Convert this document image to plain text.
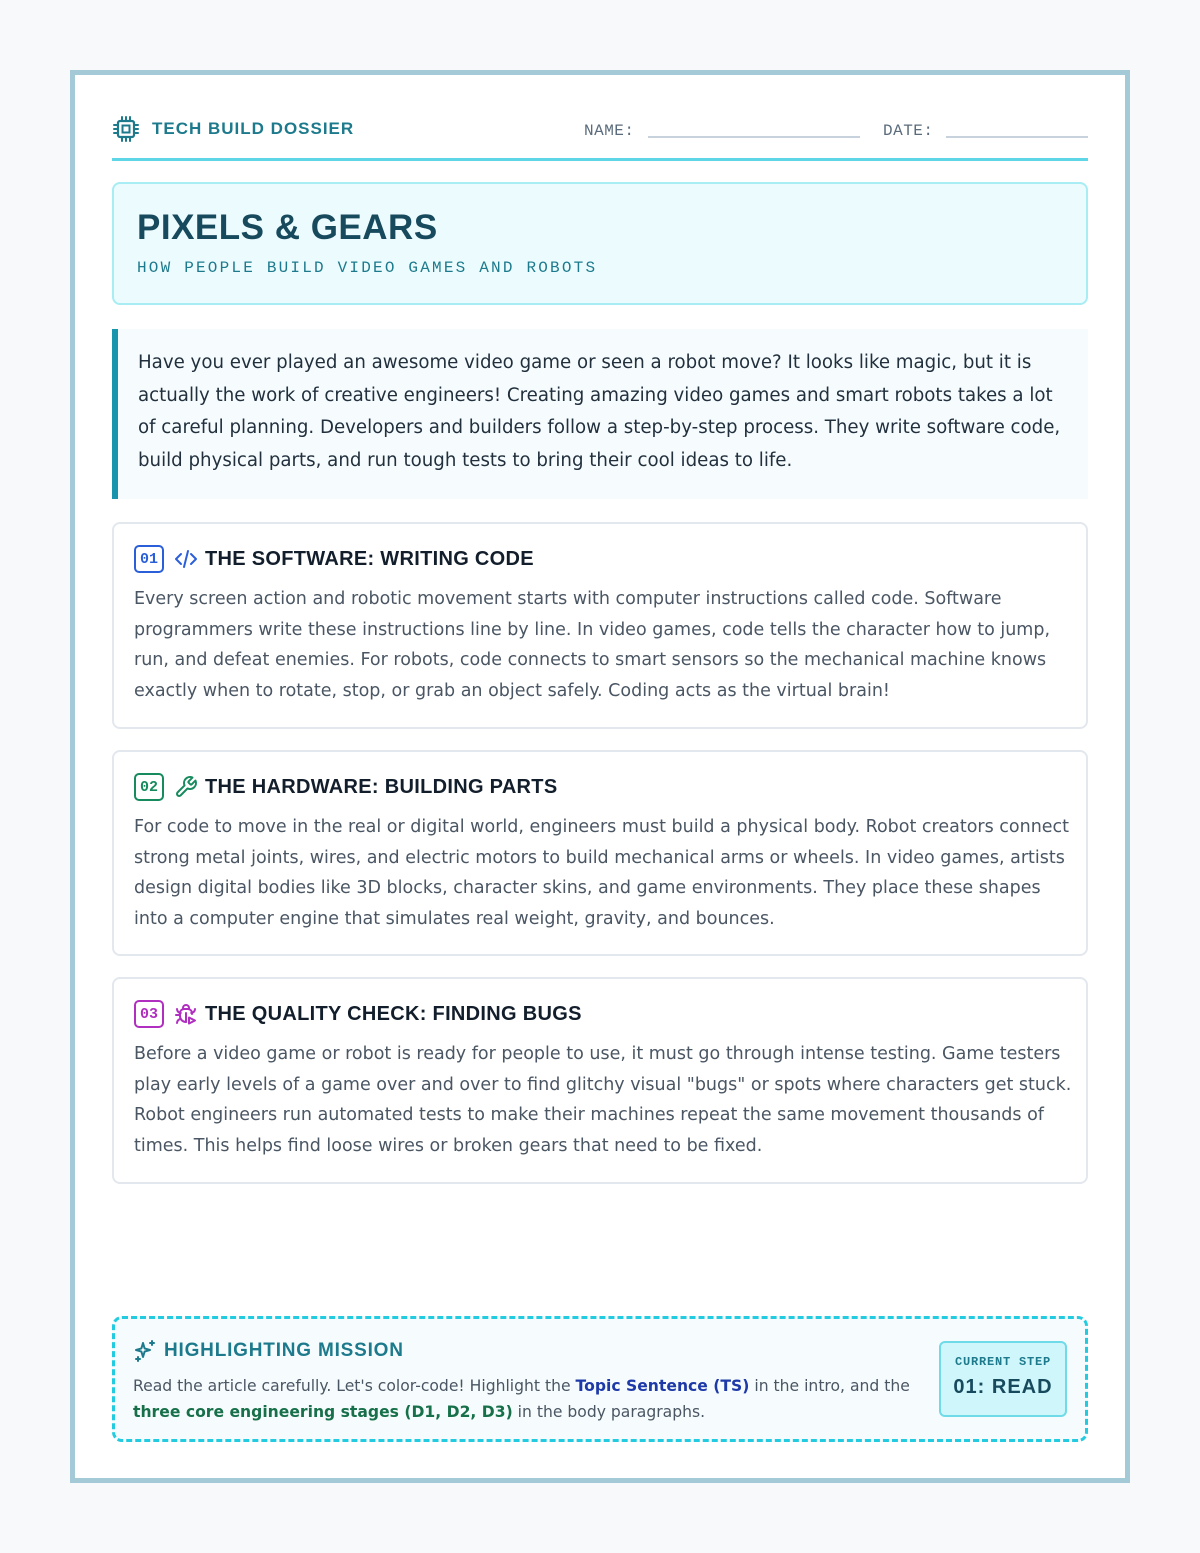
TECH BUILD DOSSIER	NAME:	DATE:
PIXELS & GEARS
HOW PEOPLE BUILD VIDEO GAMES AND ROBOTS

Have you ever played an awesome video game or seen a robot move? It looks like magic, but it is actually the work of creative engineers! Creating amazing video games and smart robots takes a lot of careful planning. Developers and builders follow a step-by-step process. They write software code, build physical parts, and run tough tests to bring their cool ideas to life.

01	THE SOFTWARE: WRITING CODE
Every screen action and robotic movement starts with computer instructions called code. Software programmers write these instructions line by line. In video games, code tells the character how to jump, run, and defeat enemies. For robots, code connects to smart sensors so the mechanical machine knows exactly when to rotate, stop, or grab an object safely. Coding acts as the virtual brain!
02	THE HARDWARE: BUILDING PARTS
For code to move in the real or digital world, engineers must build a physical body. Robot creators connect strong metal joints, wires, and electric motors to build mechanical arms or wheels. In video games, artists design digital bodies like 3D blocks, character skins, and game environments. They place these shapes into a computer engine that simulates real weight, gravity, and bounces.
03	THE QUALITY CHECK: FINDING BUGS
Before a video game or robot is ready for people to use, it must go through intense testing. Game testers play early levels of a game over and over to find glitchy visual "bugs" or spots where characters get stuck. Robot engineers run automated tests to make their machines repeat the same movement thousands of times. This helps find loose wires or broken gears that need to be fixed.
HIGHLIGHTING MISSION
Read the article carefully. Let's color-code! Highlight the Topic Sentence (TS) in the intro, and the three core engineering stages (D1, D2, D3) in the body paragraphs.
CURRENT STEP
01: READ
